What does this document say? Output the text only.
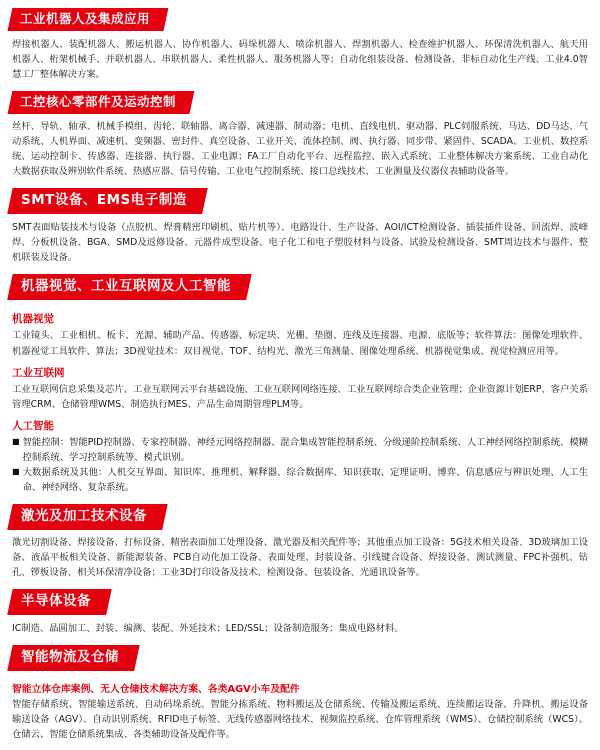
工业机器人及集成应用

焊接机器人、装配机器人、搬运机器人、协作机器人、码垛机器人、喷涂机器人、焊割机器人、检查维护机器人、环保清洗机器人、航天用机器人、桁架机械手、并联机器人、串联机器人、柔性机器人、服务机器人等；自动化组装设备、检测设备、非标自动化生产线、工业4.0智慧工厂整体解决方案。

工控核心零部件及运动控制

丝杆、导轨、轴承、机械手模组、齿轮、联轴器、离合器、减速器、制动器；电机、直线电机、驱动器、PLC伺服系统、马达、DD马达、气动系统、人机界面、减速机、变频器、密封件、真空设备、工业开关、流体控制、阀、执行器、同步带、紧固件、SCADA、工业机、数控系统、运动控制卡、传感器、连接器、执行器、工业电源；FA工厂自动化平台、远程监控、嵌入式系统、工业整体解决方案系统、工业自动化大数据获取及辨别软件系统、热感应器、信号传输、工业电气控制系统、接口总线技术、工业测量及仪器仪表辅助设备等。

SMT设备、EMS电子制造

SMT表面贴装技术与设备（点胶机、焊膏精密印刷机、贴片机等）、电路设计、生产设备、AOI/ICT检测设备、插装插件设备、回流焊、波峰焊、分板机设备、BGA、SMD及返修设备、元器件成型设备、电子化工和电子塑胶材料与设备、试验及检测设备、SMT周边技术与器件、整机联装及设备。

机器视觉、工业互联网及人工智能
机器视觉

工业镜头、工业相机、板卡、光源、辅助产品、传感器、标定块、光栅、垫圈、连线及连接器、电源、底版等；软件算法：图像处理软件、机器视觉工具软件、算法；3D视觉技术：双目视觉、TOF、结构光、激光三角测量、图像处理系统、机器视觉集成、视觉检测应用等。

工业互联网

工业互联网信息采集及芯片、工业互联网云平台基础设施、工业互联网网络连接、工业互联网综合类企业管理；企业资源计划ERP、客户关系管理CRM、仓储管理WMS、制造执行MES、产品生命周期管理PLM等。

人工智能
■ 智能控制：智能PID控制器、专家控制器、神经元网络控制器、混合集成智能控制系统、分级递阶控制系统、人工神经网络控制系统、模糊控制系统、学习控制系统等、模式识别。
■ 大数据系统及其他：人机交互界面、知识库、推理机、解释器、综合数据库、知识获取、定理证明、博弈、信息感应与辨识处理、人工生命、神经网络、复杂系统。
激光及加工技术设备

激光切割设备、焊接设备、打标设备、精密表面加工处理设备、激光器及相关配件等；其他重点加工设备：5G技术相关设备、3D玻璃加工设备、液晶平板相关设备、新能源装备、PCB自动化加工设备、表面处理、封装设备、引线键合设备、焊接设备、测试测量、FPC补强机、钻孔、锣板设备、相关环保清净设备；工业3D打印设备及技术、检测设备、包装设备、光通讯设备等。

半导体设备

IC制造、晶圆加工、封装、编测、装配、外延技术；LED/SSL；设备制造服务；集成电路材料。

智能物流及仓储
智能立体仓库案例、无人仓储技术解决方案、各类AGV小车及配件

智能存储系统、智能输送系统、自动码垛系统、智能分拣系统、物料搬运及仓储系统、传输及搬运系统、连续搬运设备、升降机、搬运设备输送设备（AGV）、自动识别系统、RFID电子标签、无线传感器网络技术、视频监控系统、仓库管理系统（WMS）、仓储控制系统（WCS）、仓储云、智能仓储系统集成、各类辅助设备及配件等。
